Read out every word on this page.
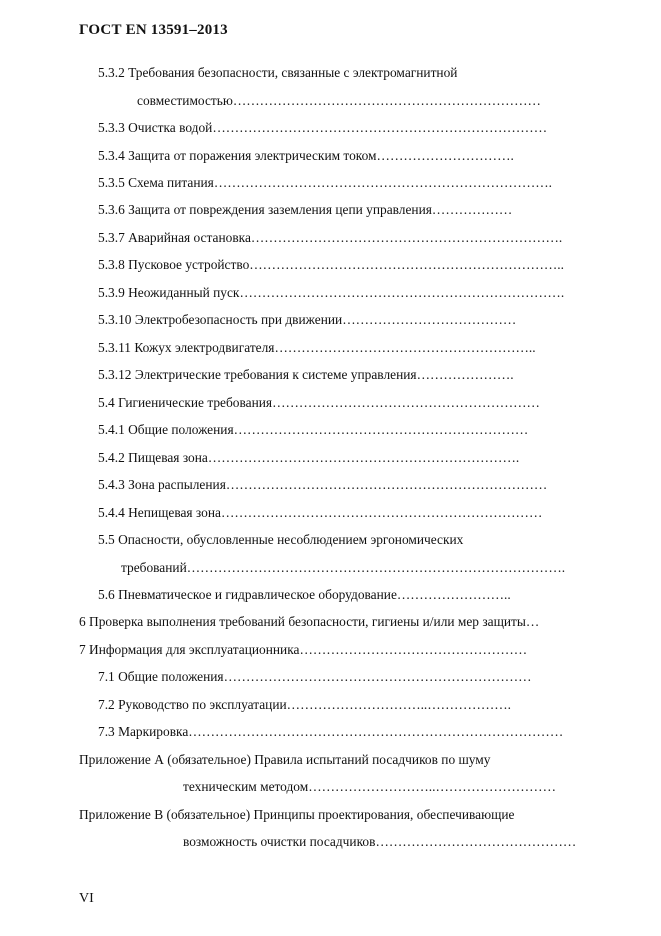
ГОСТ EN 13591–2013
5.3.2 Требования безопасности, связанные с электромагнитной
совместимостью……………………………………………………………
5.3.3 Очистка водой…………………………………………………………………
5.3.4 Защита от поражения электрическим током………………………….
5.3.5 Схема питания………………………………………………………………….
5.3.6 Защита от повреждения заземления цепи управления………………
5.3.7 Аварийная остановка…………………………………………………………….
5.3.8 Пусковое устройство……………………………………………………………..
5.3.9 Неожиданный пуск……………………………………………………………….
5.3.10 Электробезопасность при движении…………………………………
5.3.11 Кожух электродвигателя…………………………………………………..
5.3.12 Электрические требования к системе управления………………….
5.4 Гигиенические требования……………………………………………………
5.4.1 Общие положения…………………………………………………………
5.4.2 Пищевая зона…………………………………………………………….
5.4.3 Зона распыления………………………………………………………………
5.4.4 Непищевая зона………………………………………………………………
5.5 Опасности, обусловленные несоблюдением эргономических
требований………………………………………………………………………….
5.6 Пневматическое и гидравлическое оборудование……………………..
6 Проверка выполнения требований безопасности, гигиены и/или мер защиты…
7 Информация для эксплуатационника……………………………………………
7.1 Общие положения……………………………………………………………
7.2 Руководство по эксплуатации…………………………..……………….
7.3 Маркировка…………………………………………………………………………
Приложение А (обязательное) Правила испытаний посадчиков по шуму
техническим методом………………………..………………………
Приложение В (обязательное) Принципы проектирования, обеспечивающие
возможность очистки посадчиков………………………………………
VI
